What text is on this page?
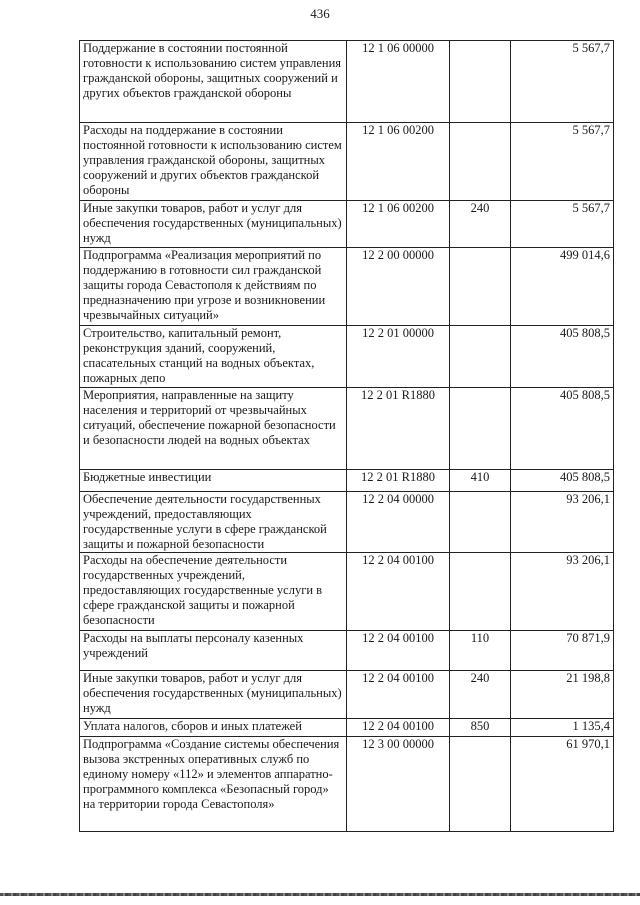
436
Поддержание в состоянии постоянной готовности к использованию систем управления гражданской обороны, защитных сооружений и других объектов гражданской обороны	12 1 06 00000		5 567,7
Расходы на поддержание в состоянии постоянной готовности к использованию систем управления гражданской обороны, защитных сооружений и других объектов гражданской обороны	12 1 06 00200		5 567,7
Иные закупки товаров, работ и услуг для обеспечения государственных (муниципальных) нужд	12 1 06 00200	240	5 567,7
Подпрограмма «Реализация мероприятий по поддержанию в готовности сил гражданской защиты города Севастополя к действиям по предназначению при угрозе и возникновении чрезвычайных ситуаций»	12 2 00 00000		499 014,6
Строительство, капитальный ремонт, реконструкция зданий, сооружений, спасательных станций на водных объектах, пожарных депо	12 2 01 00000		405 808,5
Мероприятия, направленные на защиту населения и территорий от чрезвычайных ситуаций, обеспечение пожарной безопасности и безопасности людей на водных объектах	12 2 01 R1880		405 808,5
Бюджетные инвестиции	12 2 01 R1880	410	405 808,5
Обеспечение деятельности государственных учреждений, предоставляющих государственные услуги в сфере гражданской защиты и пожарной безопасности	12 2 04 00000		93 206,1
Расходы на обеспечение деятельности государственных учреждений, предоставляющих государственные услуги в сфере гражданской защиты и пожарной безопасности	12 2 04 00100		93 206,1
Расходы на выплаты персоналу казенных учреждений	12 2 04 00100	110	70 871,9
Иные закупки товаров, работ и услуг для обеспечения государственных (муниципальных) нужд	12 2 04 00100	240	21 198,8
Уплата налогов, сборов и иных платежей	12 2 04 00100	850	1 135,4
Подпрограмма «Создание системы обеспечения вызова экстренных оперативных служб по единому номеру «112» и элементов аппаратно-программного комплекса «Безопасный город» на территории города Севастополя»	12 3 00 00000		61 970,1
